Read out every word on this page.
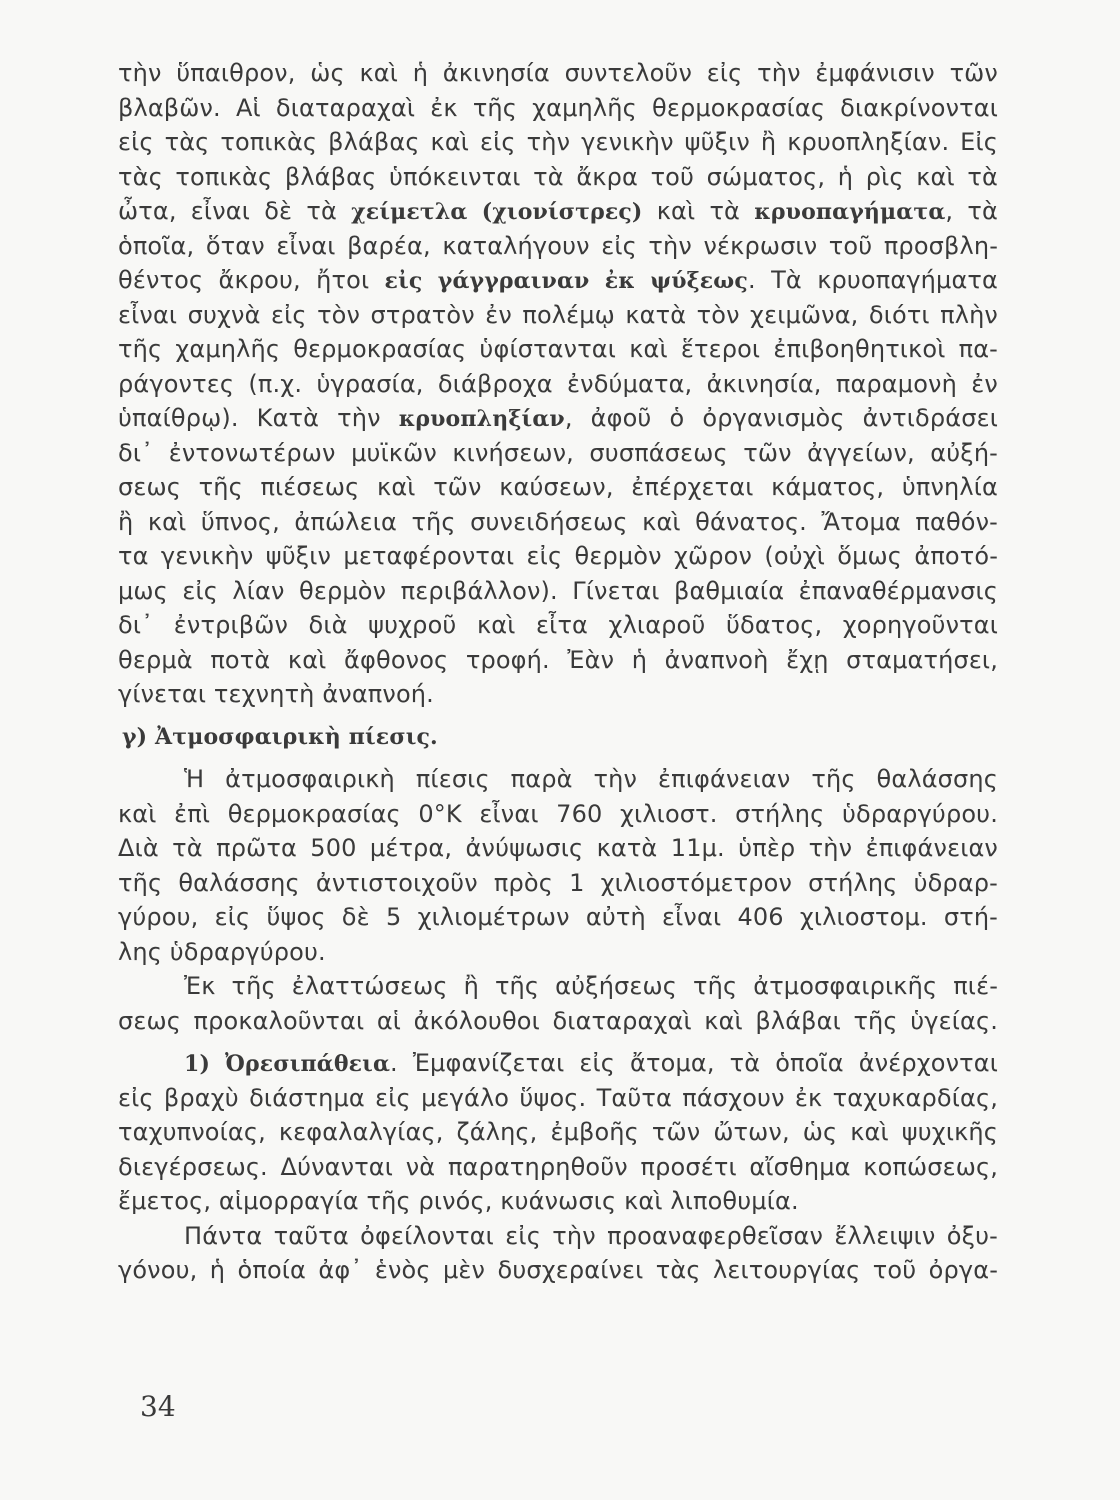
τὴν ὕπαιθρον, ὡς καὶ ἡ ἀκινησία συντελοῦν εἰς τὴν ἐμφάνισιν τῶν
βλαβῶν. Αἱ διαταραχαὶ ἐκ τῆς χαμηλῆς θερμοκρασίας διακρίνονται
εἰς τὰς τοπικὰς βλάβας καὶ εἰς τὴν γενικὴν ψῦξιν ἢ κρυοπληξίαν. Εἰς
τὰς τοπικὰς βλάβας ὑπόκεινται τὰ ἄκρα τοῦ σώματος, ἡ ρὶς καὶ τὰ
ὦτα, εἶναι δὲ τὰ χείμετλα (χιονίστρες) καὶ τὰ κρυοπαγήματα, τὰ
ὁποῖα, ὅταν εἶναι βαρέα, καταλήγουν εἰς τὴν νέκρωσιν τοῦ προσβλη-
θέντος ἄκρου, ἤτοι εἰς γάγγραιναν ἐκ ψύξεως. Τὰ κρυοπαγήματα
εἶναι συχνὰ εἰς τὸν στρατὸν ἐν πολέμῳ κατὰ τὸν χειμῶνα, διότι πλὴν
τῆς χαμηλῆς θερμοκρασίας ὑφίστανται καὶ ἕτεροι ἐπιβοηθητικοὶ πα-
ράγοντες (π.χ. ὑγρασία, διάβροχα ἐνδύματα, ἀκινησία, παραμονὴ ἐν
ὑπαίθρῳ). Κατὰ τὴν κρυοπληξίαν, ἀφοῦ ὁ ὀργανισμὸς ἀντιδράσει
δι᾽ ἐντονωτέρων μυϊκῶν κινήσεων, συσπάσεως τῶν ἀγγείων, αὐξή-
σεως τῆς πιέσεως καὶ τῶν καύσεων, ἐπέρχεται κάματος, ὑπνηλία
ἢ καὶ ὕπνος, ἀπώλεια τῆς συνειδήσεως καὶ θάνατος. Ἄτομα παθόν-
τα γενικὴν ψῦξιν μεταφέρονται εἰς θερμὸν χῶρον (οὐχὶ ὅμως ἀποτό-
μως εἰς λίαν θερμὸν περιβάλλον). Γίνεται βαθμιαία ἐπαναθέρμανσις
δι᾽ ἐντριβῶν διὰ ψυχροῦ καὶ εἶτα χλιαροῦ ὕδατος, χορηγοῦνται
θερμὰ ποτὰ καὶ ἄφθονος τροφή. Ἐὰν ἡ ἀναπνοὴ ἔχῃ σταματήσει,
γίνεται τεχνητὴ ἀναπνοή.
γ) Ἀτμοσφαιρικὴ πίεσις.
Ἡ ἀτμοσφαιρικὴ πίεσις παρὰ τὴν ἐπιφάνειαν τῆς θαλάσσης
καὶ ἐπὶ θερμοκρασίας 0°Κ εἶναι 760 χιλιοστ. στήλης ὑδραργύρου.
Διὰ τὰ πρῶτα 500 μέτρα, ἀνύψωσις κατὰ 11μ. ὑπὲρ τὴν ἐπιφάνειαν
τῆς θαλάσσης ἀντιστοιχοῦν πρὸς 1 χιλιοστόμετρον στήλης ὑδραρ-
γύρου, εἰς ὕψος δὲ 5 χιλιομέτρων αὐτὴ εἶναι 406 χιλιοστομ. στή-
λης ὑδραργύρου.
Ἐκ τῆς ἐλαττώσεως ἢ τῆς αὐξήσεως τῆς ἀτμοσφαιρικῆς πιέ-
σεως προκαλοῦνται αἱ ἀκόλουθοι διαταραχαὶ καὶ βλάβαι τῆς ὑγείας.
1) Ὀρεσιπάθεια. Ἐμφανίζεται εἰς ἄτομα, τὰ ὁποῖα ἀνέρχονται
εἰς βραχὺ διάστημα εἰς μεγάλο ὕψος. Ταῦτα πάσχουν ἐκ ταχυκαρδίας,
ταχυπνοίας, κεφαλαλγίας, ζάλης, ἐμβοῆς τῶν ὤτων, ὡς καὶ ψυχικῆς
διεγέρσεως. Δύνανται νὰ παρατηρηθοῦν προσέτι αἴσθημα κοπώσεως,
ἔμετος, αἱμορραγία τῆς ρινός, κυάνωσις καὶ λιποθυμία.
Πάντα ταῦτα ὀφείλονται εἰς τὴν προαναφερθεῖσαν ἔλλειψιν ὀξυ-
γόνου, ἡ ὁποία ἀφ᾽ ἑνὸς μὲν δυσχεραίνει τὰς λειτουργίας τοῦ ὀργα-
34
